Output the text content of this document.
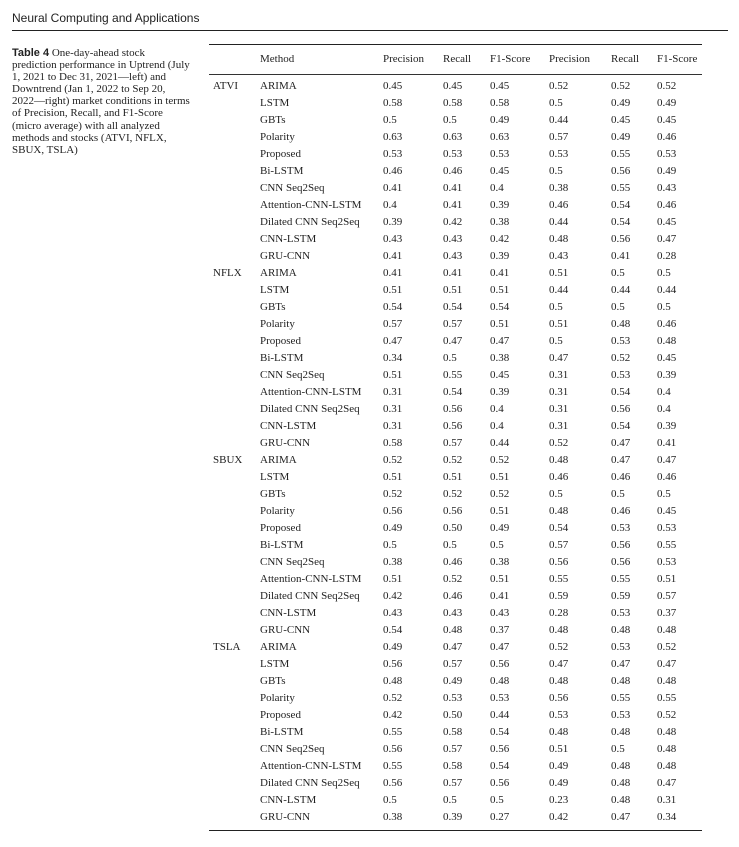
Neural Computing and Applications
Table 4 One-day-ahead stock prediction performance in Uptrend (July 1, 2021 to Dec 31, 2021—left) and Downtrend (Jan 1, 2022 to Sep 20, 2022—right) market conditions in terms of Precision, Recall, and F1-Score (micro average) with all analyzed methods and stocks (ATVI, NFLX, SBUX, TSLA)
Method	Precision Recall F1-Score Precision Recall F1-Score
ATVI ARIMA	0.45	0.45	0.45	0.52	0.52 0.52
LSTM	0.58	0.58	0.58	0.5	0.49 0.49
GBTs	0.5	0.5	0.49	0.44	0.45 0.45
Polarity	0.63	0.63	0.63	0.57	0.49 0.46
Proposed	0.53	0.53	0.53	0.53	0.55 0.53
Bi-LSTM	0.46	0.46	0.45	0.5	0.56 0.49
CNN Seq2Seq	0.41	0.41	0.4	0.38	0.55 0.43
Attention-CNN-LSTM 0.4	0.41	0.39	0.46	0.54 0.46
Dilated CNN Seq2Seq 0.39	0.42	0.38	0.44	0.54 0.45
CNN-LSTM	0.43	0.43	0.42	0.48	0.56 0.47
GRU-CNN	0.41	0.43	0.39	0.43	0.41 0.28
NFLX ARIMA	0.41	0.41	0.41	0.51	0.5	0.5
LSTM	0.51	0.51	0.51	0.44	0.44 0.44
GBTs	0.54	0.54	0.54	0.5	0.5	0.5
Polarity	0.57	0.57	0.51	0.51	0.48 0.46
Proposed	0.47	0.47	0.47	0.5	0.53 0.48
Bi-LSTM	0.34	0.5	0.38	0.47	0.52 0.45
CNN Seq2Seq	0.51	0.55	0.45	0.31	0.53 0.39
Attention-CNN-LSTM 0.31	0.54	0.39	0.31	0.54 0.4
Dilated CNN Seq2Seq 0.31	0.56	0.4	0.31	0.56 0.4
CNN-LSTM	0.31	0.56	0.4	0.31	0.54 0.39
GRU-CNN	0.58	0.57	0.44	0.52	0.47 0.41
SBUX ARIMA	0.52	0.52	0.52	0.48	0.47 0.47
LSTM	0.51	0.51	0.51	0.46	0.46 0.46
GBTs	0.52	0.52	0.52	0.5	0.5	0.5
Polarity	0.56	0.56	0.51	0.48	0.46 0.45
Proposed	0.49	0.50	0.49	0.54	0.53 0.53
Bi-LSTM	0.5	0.5	0.5	0.57	0.56 0.55
CNN Seq2Seq	0.38	0.46	0.38	0.56	0.56 0.53
Attention-CNN-LSTM 0.51	0.52	0.51	0.55	0.55 0.51
Dilated CNN Seq2Seq 0.42	0.46	0.41	0.59	0.59 0.57
CNN-LSTM	0.43	0.43	0.43	0.28	0.53 0.37
GRU-CNN	0.54	0.48	0.37	0.48	0.48 0.48
TSLA ARIMA	0.49	0.47	0.47	0.52	0.53 0.52
LSTM	0.56	0.57	0.56	0.47	0.47 0.47
GBTs	0.48	0.49	0.48	0.48	0.48 0.48
Polarity	0.52	0.53	0.53	0.56	0.55 0.55
Proposed	0.42	0.50	0.44	0.53	0.53 0.52
Bi-LSTM	0.55	0.58	0.54	0.48	0.48 0.48
CNN Seq2Seq	0.56	0.57	0.56	0.51	0.5	0.48
Attention-CNN-LSTM 0.55	0.58	0.54	0.49	0.48 0.48
Dilated CNN Seq2Seq 0.56	0.57	0.56	0.49	0.48 0.47
CNN-LSTM	0.5	0.5	0.5	0.23	0.48 0.31
GRU-CNN	0.38	0.39	0.27	0.42	0.47 0.34
